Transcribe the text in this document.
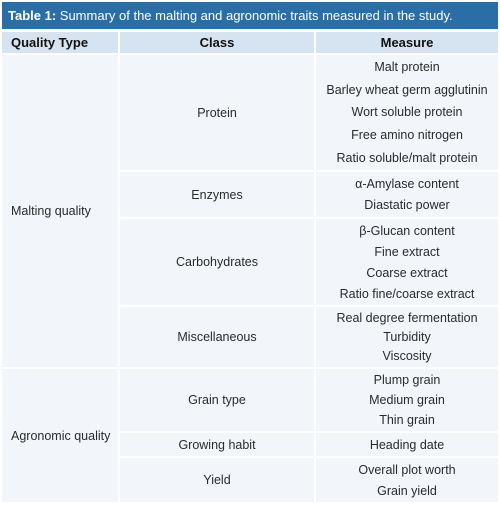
Table 1: Summary of the malting and agronomic traits measured in the study.
Quality Type	Class	Measure
Malting quality
Agronomic quality
Protein
Enzymes
Carbohydrates
Miscellaneous
Grain type
Growing habit
Yield
Malt protein
Barley wheat germ agglutinin
Wort soluble protein
Free amino nitrogen
Ratio soluble/malt protein
α-Amylase content
Diastatic power
β-Glucan content
Fine extract
Coarse extract
Ratio fine/coarse extract
Real degree fermentation
Turbidity
Viscosity
Plump grain
Medium grain
Thin grain
Heading date
Overall plot worth
Grain yield
